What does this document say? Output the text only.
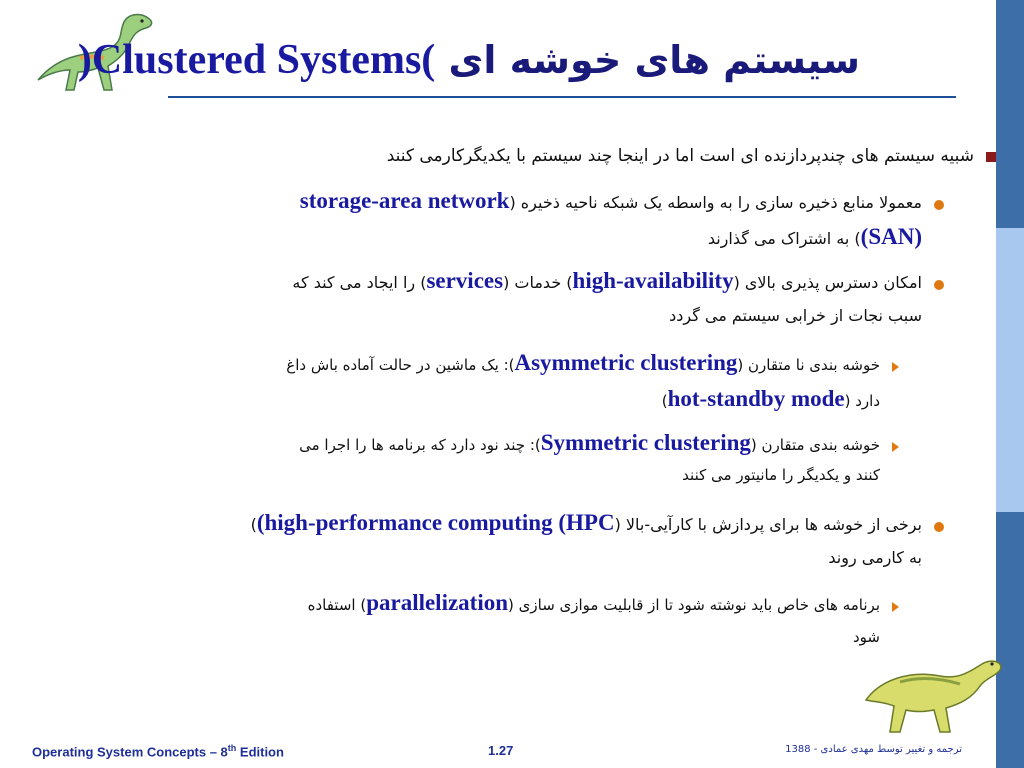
سیستم های خوشه ای (Clustered Systems)
شبیه سیستم های چندپردازنده ای است اما در اینجا چند سیستم با یکدیگرکارمی کنند
معمولا منابع ذخیره سازی را به واسطه یک شبکه ناحیه ذخیره (storage-area network
(SAN)) به اشتراک می گذارند
امکان دسترس پذیری بالای (high-availability) خدمات (services) را ایجاد می کند که
سبب نجات از خرابی سیستم می گردد
خوشه بندی نا متقارن (Asymmetric clustering): یک ماشین در حالت آماده باش داغ
دارد (hot-standby mode)
خوشه بندی متقارن (Symmetric clustering): چند نود دارد که برنامه ها را اجرا می
کنند و یکدیگر را مانیتور می کنند
برخی از خوشه ها برای پردازش با کارآیی-بالا ((high-performance computing (HPC)
به کارمی روند
برنامه های خاص باید نوشته شود تا از قابلیت موازی سازی (parallelization) استفاده
شود
Operating System Concepts – 8th Edition	1.27	ترجمه و تغییر توسط مهدی عمادی - 1388
